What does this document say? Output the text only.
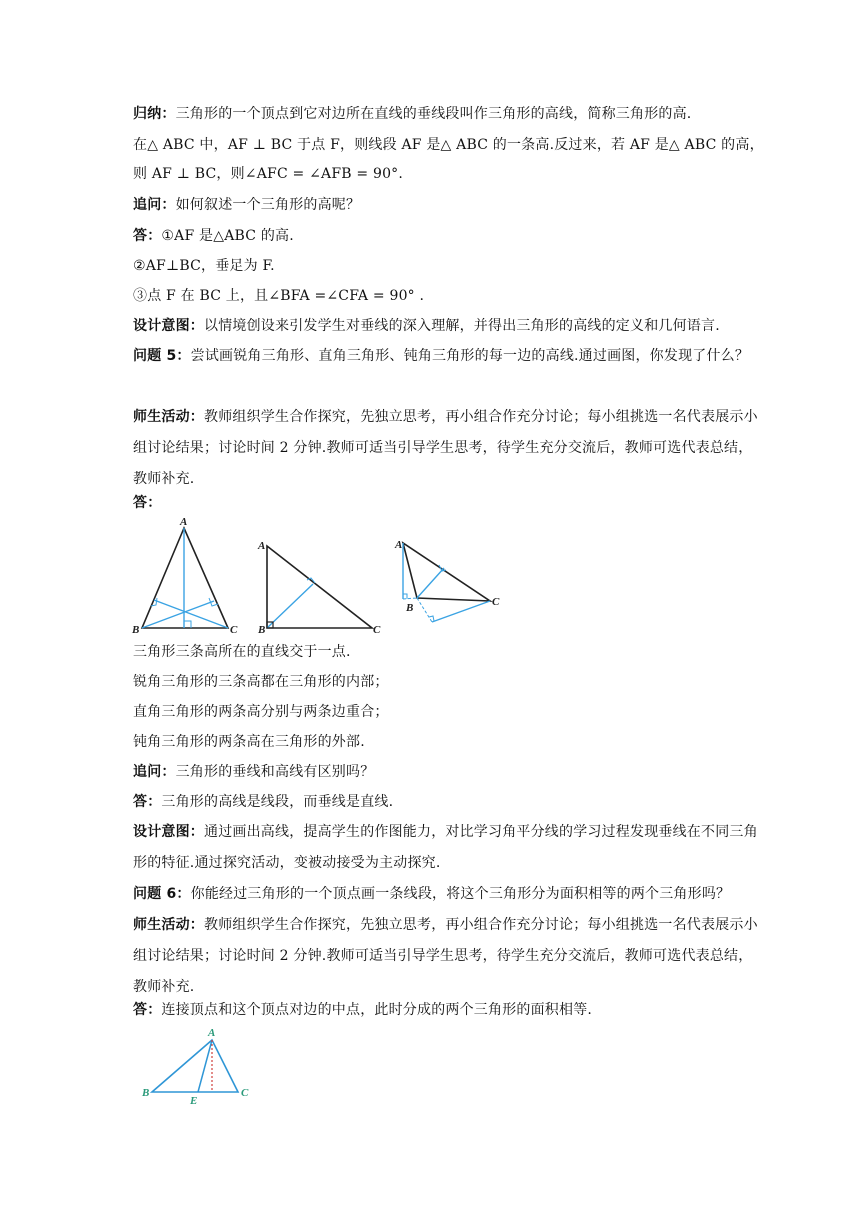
归纳：三角形的一个顶点到它对边所在直线的垂线段叫作三角形的高线，简称三角形的高.
在△ ABC 中，AF ⊥ BC 于点 F，则线段 AF 是△ ABC 的一条高.反过来，若 AF 是△ ABC 的高，
则 AF ⊥ BC，则∠AFC = ∠AFB = 90°.
追问：如何叙述一个三角形的高呢？
答：①AF 是△ABC 的高.
②AF⊥BC，垂足为 F.
③点 F 在 BC 上，且∠BFA =∠CFA = 90° .
设计意图：以情境创设来引发学生对垂线的深入理解，并得出三角形的高线的定义和几何语言.
问题 5：尝试画锐角三角形、直角三角形、钝角三角形的每一边的高线.通过画图，你发现了什么？
师生活动：教师组织学生合作探究，先独立思考，再小组合作充分讨论；每小组挑选一名代表展示小组讨论结果；讨论时间 2 分钟.教师可适当引导学生思考，待学生充分交流后，教师可选代表总结，教师补充.
答：
A
B	C
A
B	C
A
B	C
三角形三条高所在的直线交于一点.
锐角三角形的三条高都在三角形的内部；
直角三角形的两条高分别与两条边重合；
钝角三角形的两条高在三角形的外部.
追问：三角形的垂线和高线有区别吗？
答：三角形的高线是线段，而垂线是直线.
设计意图：通过画出高线，提高学生的作图能力，对比学习角平分线的学习过程发现垂线在不同三角形的特征.通过探究活动，变被动接受为主动探究.
问题 6：你能经过三角形的一个顶点画一条线段，将这个三角形分为面积相等的两个三角形吗？
师生活动：教师组织学生合作探究，先独立思考，再小组合作充分讨论；每小组挑选一名代表展示小组讨论结果；讨论时间 2 分钟.教师可适当引导学生思考，待学生充分交流后，教师可选代表总结，教师补充.
答：连接顶点和这个顶点对边的中点，此时分成的两个三角形的面积相等.
A
B
E
C
